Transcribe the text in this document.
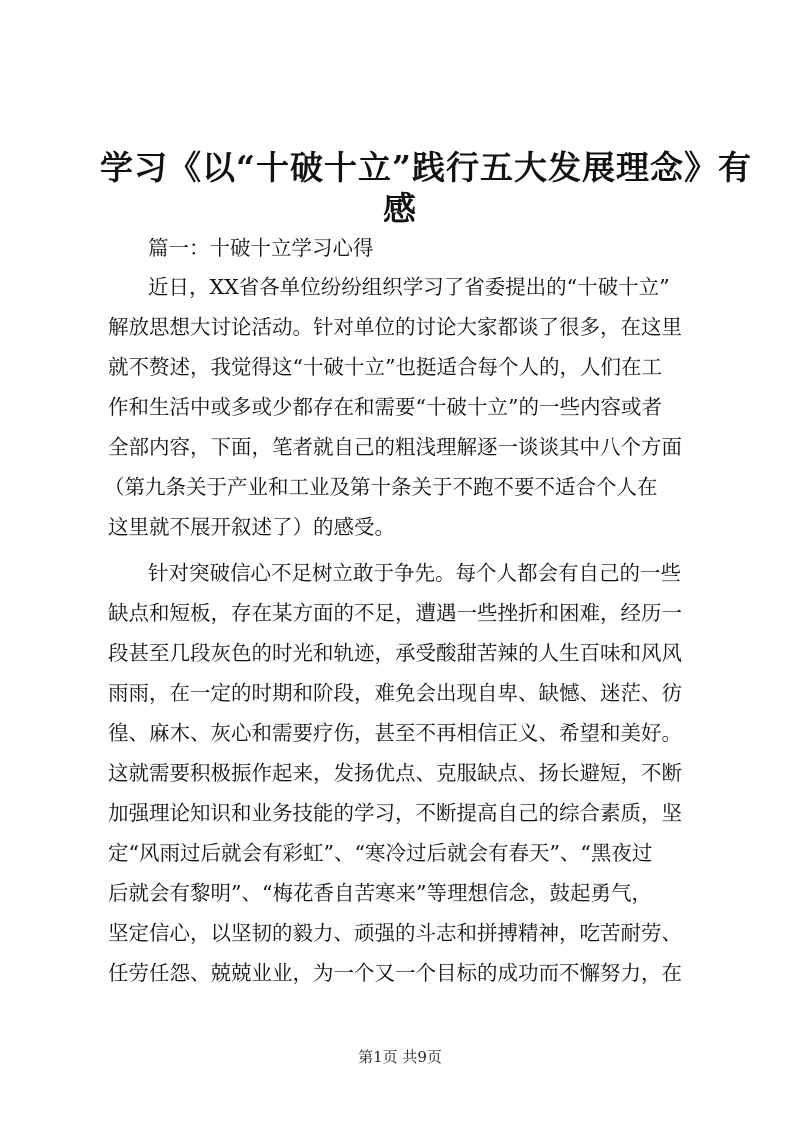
学习《以“十破十立”践行五大发展理念》有
感

篇一：十破十立学习心得

近日，XX省各单位纷纷组织学习了省委提出的“十破十立”

解放思想大讨论活动。针对单位的讨论大家都谈了很多，在这里

就不赘述，我觉得这“十破十立”也挺适合每个人的，人们在工

作和生活中或多或少都存在和需要“十破十立”的一些内容或者

全部内容，下面，笔者就自己的粗浅理解逐一谈谈其中八个方面

（第九条关于产业和工业及第十条关于不跑不要不适合个人在

这里就不展开叙述了）的感受。

针对突破信心不足树立敢于争先。每个人都会有自己的一些

缺点和短板，存在某方面的不足，遭遇一些挫折和困难，经历一

段甚至几段灰色的时光和轨迹，承受酸甜苦辣的人生百味和风风

雨雨，在一定的时期和阶段，难免会出现自卑、缺憾、迷茫、彷

徨、麻木、灰心和需要疗伤，甚至不再相信正义、希望和美好。

这就需要积极振作起来，发扬优点、克服缺点、扬长避短，不断

加强理论知识和业务技能的学习，不断提高自己的综合素质，坚

定“风雨过后就会有彩虹”、“寒冷过后就会有春天”、“黑夜过

后就会有黎明”、“梅花香自苦寒来”等理想信念，鼓起勇气，

坚定信心，以坚韧的毅力、顽强的斗志和拼搏精神，吃苦耐劳、

任劳任怨、兢兢业业，为一个又一个目标的成功而不懈努力，在

第1页 共9页
